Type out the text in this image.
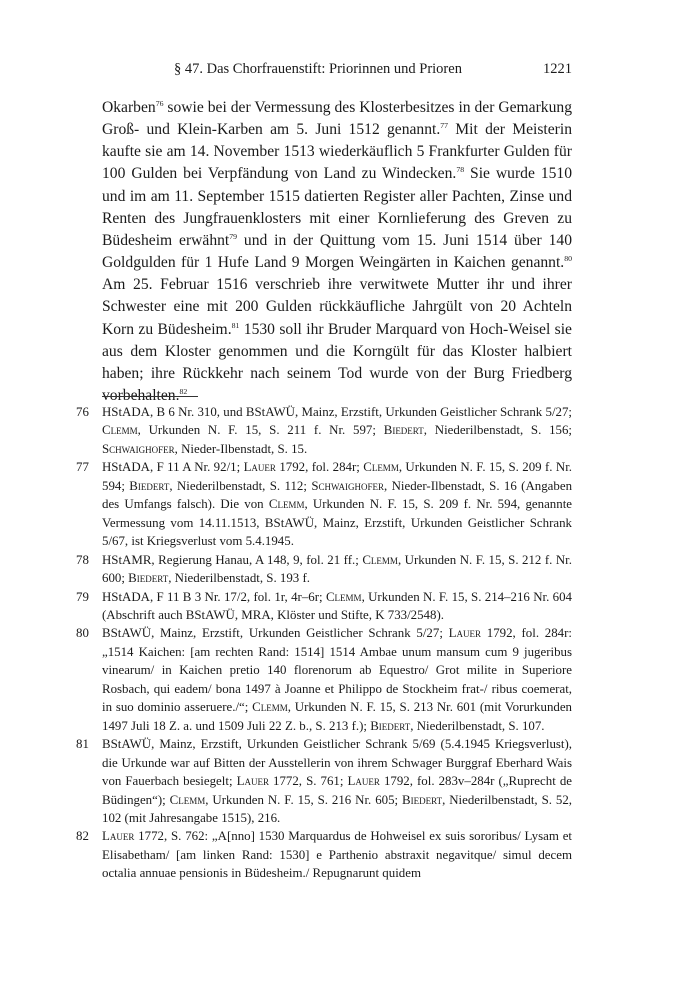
§ 47. Das Chorfrauenstift: Priorinnen und Prioren	1221

Okarben$^{76}$ sowie bei der Vermessung des Klosterbesitzes in der Gemarkung Groß- und Klein-Karben am 5. Juni 1512 genannt.$^{77}$ Mit der Meisterin kaufte sie am 14. November 1513 wiederkäuflich 5 Frankfurter Gulden für 100 Gulden bei Verpfändung von Land zu Windecken.$^{78}$ Sie wurde 1510 und im am 11. September 1515 datierten Register aller Pachten, Zinse und Renten des Jungfrauenklosters mit einer Kornlieferung des Greven zu Büdesheim erwähnt$^{79}$ und in der Quittung vom 15. Juni 1514 über 140 Goldgulden für 1 Hufe Land 9 Morgen Weingärten in Kaichen genannt.$^{80}$ Am 25. Februar 1516 verschrieb ihre verwitwete Mutter ihr und ihrer Schwester eine mit 200 Gulden rückkäufliche Jahrgült von 20 Achteln Korn zu Büdesheim.$^{81}$ 1530 soll ihr Bruder Marquard von Hoch-Weisel sie aus dem Kloster genommen und die Korngült für das Kloster halbiert haben; ihre Rückkehr nach seinem Tod wurde von der Burg Friedberg vorbehalten.$^{82}$

76	HStADA, B 6 Nr. 310, und BStAWÜ, Mainz, Erzstift, Urkunden Geistlicher Schrank 5/27; Clemm, Urkunden N. F. 15, S. 211 f. Nr. 597; Biedert, Niederilbenstadt, S. 156; Schwaighofer, Nieder-Ilbenstadt, S. 15.
77	HStADA, F 11 A Nr. 92/1; Lauer 1792, fol. 284r; Clemm, Urkunden N. F. 15, S. 209 f. Nr. 594; Biedert, Niederilbenstadt, S. 112; Schwaighofer, Nieder-Ilbenstadt, S. 16 (Angaben des Umfangs falsch). Die von Clemm, Urkunden N. F. 15, S. 209 f. Nr. 594, genannte Vermessung vom 14.11.1513, BStAWÜ, Mainz, Erzstift, Urkunden Geistlicher Schrank 5/67, ist Kriegsverlust vom 5.4.1945.
78	HStAMR, Regierung Hanau, A 148, 9, fol. 21 ff.; Clemm, Urkunden N. F. 15, S. 212 f. Nr. 600; Biedert, Niederilbenstadt, S. 193 f.
79	HStADA, F 11 B 3 Nr. 17/2, fol. 1r, 4r–6r; Clemm, Urkunden N. F. 15, S. 214–216 Nr. 604 (Abschrift auch BStAWÜ, MRA, Klöster und Stifte, K 733/2548).
80	BStAWÜ, Mainz, Erzstift, Urkunden Geistlicher Schrank 5/27; Lauer 1792, fol. 284r: „1514 Kaichen: [am rechten Rand: 1514] 1514 Ambae unum mansum cum 9 jugeribus vinearum/ in Kaichen pretio 140 florenorum ab Equestro/ Grot milite in Superiore Rosbach, qui eadem/ bona 1497 à Joanne et Philippo de Stockheim frat-/ ribus coemerat, in suo dominio asseruere./“; Clemm, Urkunden N. F. 15, S. 213 Nr. 601 (mit Vorurkunden 1497 Juli 18 Z. a. und 1509 Juli 22 Z. b., S. 213 f.); Biedert, Niederilbenstadt, S. 107.
81	BStAWÜ, Mainz, Erzstift, Urkunden Geistlicher Schrank 5/69 (5.4.1945 Kriegsverlust), die Urkunde war auf Bitten der Ausstellerin von ihrem Schwager Burggraf Eberhard Wais von Fauerbach besiegelt; Lauer 1772, S. 761; Lauer 1792, fol. 283v–284r („Ruprecht de Büdingen“); Clemm, Urkunden N. F. 15, S. 216 Nr. 605; Biedert, Niederilbenstadt, S. 52, 102 (mit Jahresangabe 1515), 216.
82	Lauer 1772, S. 762: „A[nno] 1530 Marquardus de Hohweisel ex suis sororibus/ Lysam et Elisabetham/ [am linken Rand: 1530] e Parthenio abstraxit negavitque/ simul decem octalia annuae pensionis in Büdesheim./ Repugnarunt quidem
